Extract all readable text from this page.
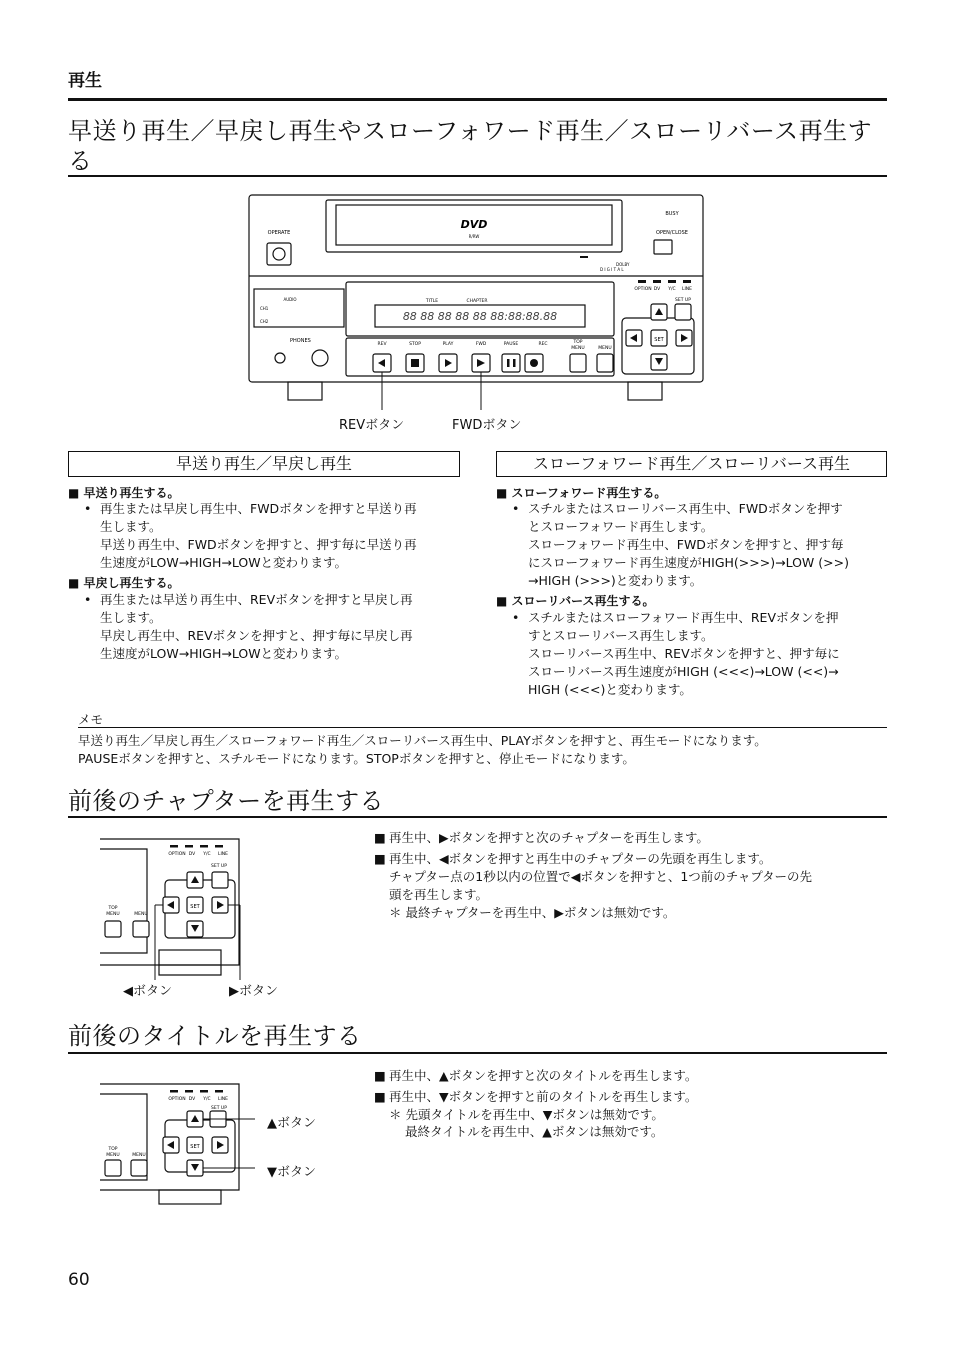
再生
早送り再生／早戻し再生やスローフォワード再生／スローリバース再生する
OPERATE
BUSY
OPEN/CLOSE
DVD
R/RW
DOLBY
D I G I T A L
AUDIO
CH1
CH2
PHONES
TITLE	CHAPTER
88 88 88 88 88 88:88:88.88
OPTION DV Y/C LINE
SET UP
REV	STOP	PLAY	FWD	PAUSE	REC	TOP
MENU	MENU
SET
REVボタン	FWDボタン
早送り再生／早戻し再生
■ 早送り再生する。
• 再生または早戻し再生中、FWDボタンを押すと早送り再
生します。
早送り再生中、FWDボタンを押すと、押す毎に早送り再
生速度がLOW→HIGH→LOWと変わります。
■ 早戻し再生する。
• 再生または早送り再生中、REVボタンを押すと早戻し再
生します。
早戻し再生中、REVボタンを押すと、押す毎に早戻し再
生速度がLOW→HIGH→LOWと変わります。
スローフォワード再生／スローリバース再生
■ スローフォワード再生する。
• スチルまたはスローリバース再生中、FWDボタンを押す
とスローフォワード再生します。
スローフォワード再生中、FWDボタンを押すと、押す毎
にスローフォワード再生速度がHIGH(>>>)→LOW (>>)
→HIGH (>>>)と変わります。
■ スローリバース再生する。
• スチルまたはスローフォワード再生中、REVボタンを押
すとスローリバース再生します。
スローリバース再生中、REVボタンを押すと、押す毎に
スローリバース再生速度がHIGH (<<<)→LOW (<<)→
HIGH (<<<)と変わります。
メモ
早送り再生／早戻し再生／スローフォワード再生／スローリバース再生中、PLAYボタンを押すと、再生モードになります。
PAUSEボタンを押すと、スチルモードになります。STOPボタンを押すと、停止モードになります。
前後のチャプターを再生する
OPTION DV Y/C LINE
SET UP
TOP
MENU	MENU
SET
◀ボタン	▶ボタン
■ 再生中、▶ボタンを押すと次のチャプターを再生します。
■ 再生中、◀ボタンを押すと再生中のチャプターの先頭を再生します。
チャプター点の1秒以内の位置で◀ボタンを押すと、1つ前のチャプターの先
頭を再生します。
＊ 最終チャプターを再生中、▶ボタンは無効です。
前後のタイトルを再生する
OPTION DV Y/C LINE
SET UP
TOP
MENU	MENU
SET
▲ボタン
▼ボタン
■ 再生中、▲ボタンを押すと次のタイトルを再生します。
■ 再生中、▼ボタンを押すと前のタイトルを再生します。
＊ 先頭タイトルを再生中、▼ボタンは無効です。
最終タイトルを再生中、▲ボタンは無効です。
60
